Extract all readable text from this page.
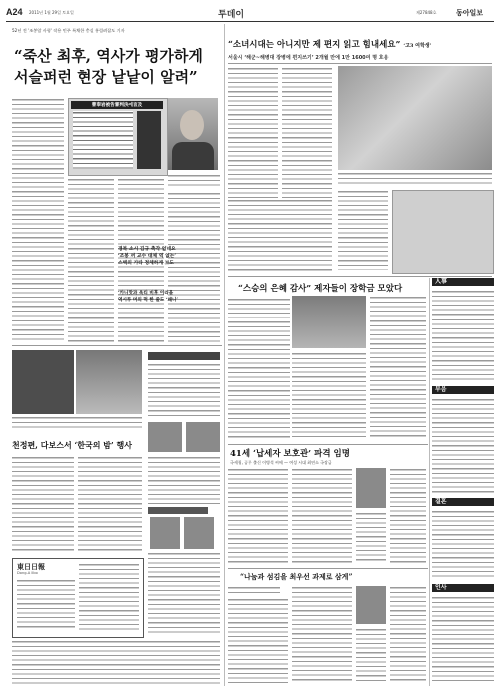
A24 2011년 1월 29일 토요일	투데이	제27848호	동아일보
52년 전 '조봉암 사형' 작용 민주 특채한 충실 홍림려잡도 기자
“죽산 최후, 역사가 평가하게
서슬퍼런 현장 낱낱이 알려”
曹奉岩被告審判決에言及
경북 소시 김규 촉각 없네요
‘조봉 꺼 교수 대체 역 없는’
스벽의 가타 정체하게 보도
‘카니맛과 옥티 비후 이라을
역시투 머의 먹 한 줄도 ‘왜니’
천정편, 다보스서 ‘한국의 밤’ 행사
東日日報
Dong-A Ilbo
“소녀시대는 아니지만 제 편지 읽고 힘내세요” ‘고3 여학생’
서울시 ‘해군~해병대 장병에 편지쓰기’ 2개월 만에 1만 1600여 명 호응
“스승의 은혜 감사” 제자들이 장학금 모았다
41세 ‘납세자 보호관’ 파격 임명
국세청, 공무 출신 이병석 씨에 — 여성 시대 최연소 국장급
“나눔과 섬김을 최우선 과제로 삼게”
人事
부음
결혼
인사
